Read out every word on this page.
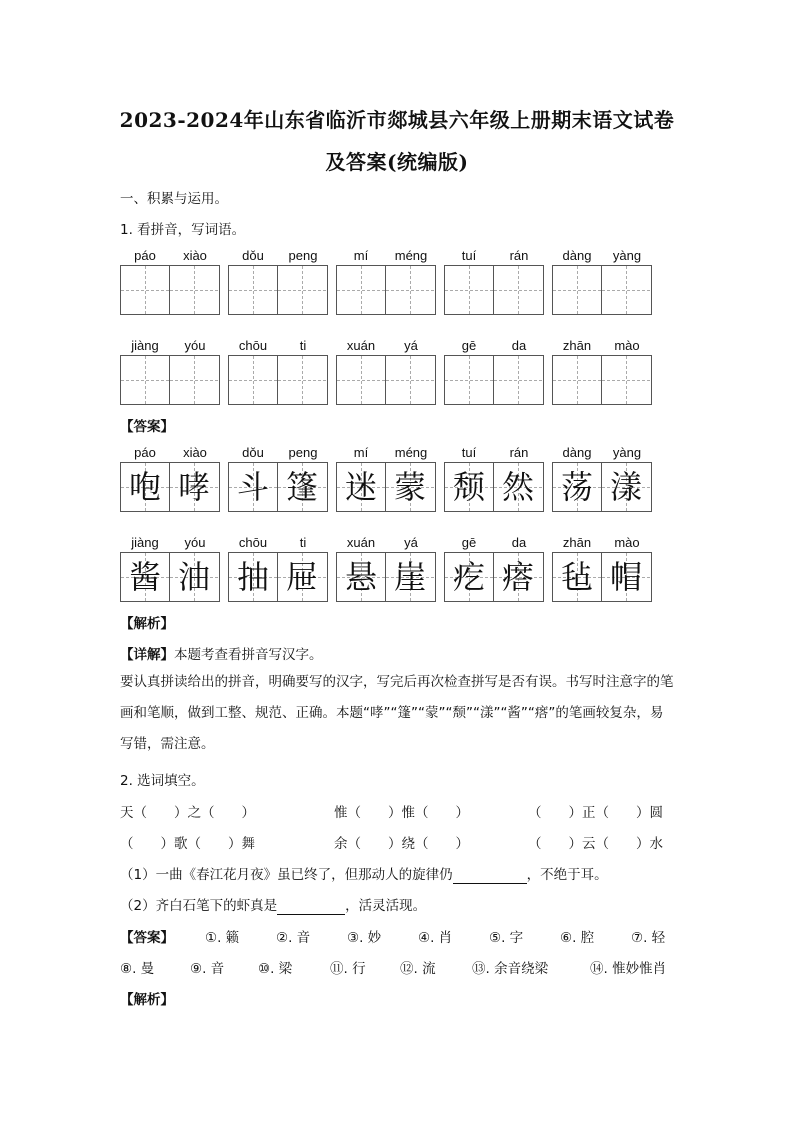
2023-2024年山东省临沂市郯城县六年级上册期末语文试卷
及答案(统编版)
一、积累与运用。
1. 看拼音，写词语。
páo	xiào	dǒu	peng	mí	méng	tuí	rán	dàng	yàng
jiàng	yóu	chōu	ti	xuán	yá	gē	da	zhān	mào
【答案】
páo	xiào
咆 哮
dǒu	peng
斗 篷
mí	méng
迷 蒙
tuí	rán
颓 然
dàng	yàng
荡 漾
jiàng	yóu
酱 油
chōu	ti
抽 屉
xuán	yá
悬 崖
gē	da
疙 瘩
zhān	mào
毡 帽
【解析】
【详解】本题考查看拼音写汉字。
要认真拼读给出的拼音，明确要写的汉字，写完后再次检查拼写是否有误。书写时注意字的笔画和笔顺，做到工整、规范、正确。本题“哮”“篷”“蒙”“颓”“漾”“酱”“瘩”的笔画较复杂，易写错，需注意。
2. 选词填空。
天（　　）之（　　）	惟（　　）惟（　　）	（　　）正（　　）圆
（　　）歌（　　）舞	余（　　）绕（　　）	（　　）云（　　）水
（1）一曲《春江花月夜》虽已终了，但那动人的旋律仍	，不绝于耳。
（2）齐白石笔下的虾真是	，活灵活现。
【答案】 ①. 籁	②. 音	③. 妙	④. 肖	⑤. 字	⑥. 腔	⑦. 轻
⑧. 曼	⑨. 音	⑩. 梁	⑪. 行	⑫. 流	⑬. 余音绕梁	⑭. 惟妙惟肖
【解析】
